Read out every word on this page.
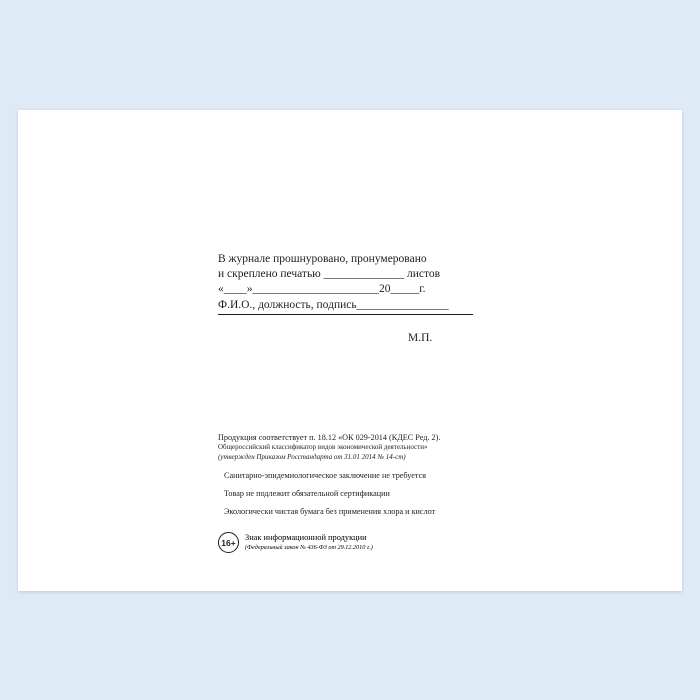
В журнале прошнуровано, пронумеровано
и скреплено печатью ______________ листов
«____»______________________20_____г.
Ф.И.О., должность, подпись________________
М.П.
Продукция соответствует п. 18.12 «ОК 029-2014 (КДЕС Ред. 2).
Общероссийский классификатор видов экономической деятельности»
(утвержден Приказом Росстандарта от 31.01 2014 № 14-ст)
Санитарно-эпидемиологическое заключение не требуется
Товар не подлежит обязательной сертификации
Экологически чистая бумага без применения хлора и кислот
16+	Знак информационной продукции
(Федеральный закон № 436-ФЗ от 29.12.2010 г.)
